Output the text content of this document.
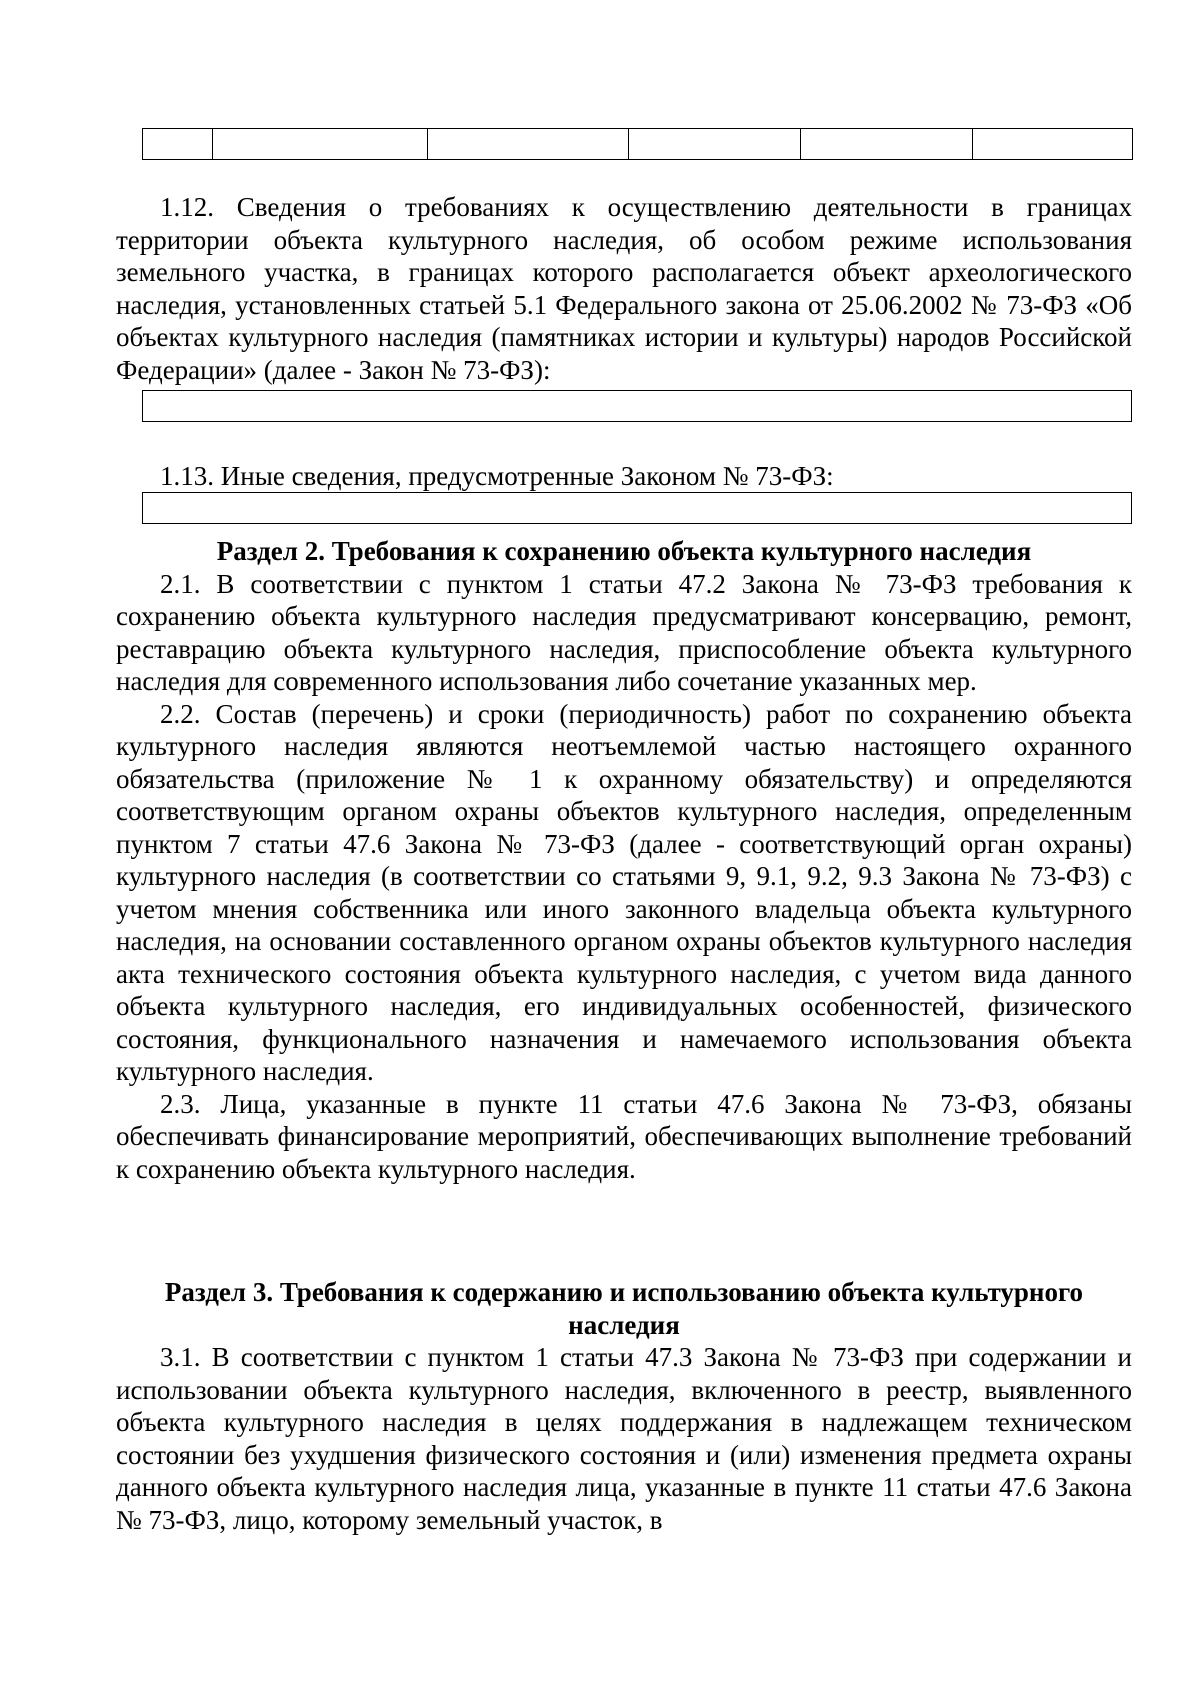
1.12. Сведения о требованиях к осуществлению деятельности в границах территории объекта культурного наследия, об особом режиме использования земельного участка, в границах которого располагается объект археологического наследия, установленных статьей 5.1 Федерального закона от 25.06.2002 № 73-ФЗ «Об объектах культурного наследия (памятниках истории и культуры) народов Российской Федерации» (далее - Закон № 73-ФЗ):

1.13. Иные сведения, предусмотренные Законом № 73-ФЗ:

Раздел 2. Требования к сохранению объекта культурного наследия

2.1. В соответствии с пунктом 1 статьи 47.2 Закона № 73-ФЗ требования к сохранению объекта культурного наследия предусматривают консервацию, ремонт, реставрацию объекта культурного наследия, приспособление объекта культурного наследия для современного использования либо сочетание указанных мер.

2.2. Состав (перечень) и сроки (периодичность) работ по сохранению объекта культурного наследия являются неотъемлемой частью настоящего охранного обязательства (приложение № 1 к охранному обязательству) и определяются соответствующим органом охраны объектов культурного наследия, определенным пунктом 7 статьи 47.6 Закона № 73-ФЗ (далее - соответствующий орган охраны) культурного наследия (в соответствии со статьями 9, 9.1, 9.2, 9.3 Закона № 73-ФЗ) с учетом мнения собственника или иного законного владельца объекта культурного наследия, на основании составленного органом охраны объектов культурного наследия акта технического состояния объекта культурного наследия, с учетом вида данного объекта культурного наследия, его индивидуальных особенностей, физического состояния, функционального назначения и намечаемого использования объекта культурного наследия.

2.3. Лица, указанные в пункте 11 статьи 47.6 Закона № 73-ФЗ, обязаны обеспечивать финансирование мероприятий, обеспечивающих выполнение требований к сохранению объекта культурного наследия.

Раздел 3. Требования к содержанию и использованию объекта культурного наследия

3.1. В соответствии с пунктом 1 статьи 47.3 Закона № 73-ФЗ при содержании и использовании объекта культурного наследия, включенного в реестр, выявленного объекта культурного наследия в целях поддержания в надлежащем техническом состоянии без ухудшения физического состояния и (или) изменения предмета охраны данного объекта культурного наследия лица, указанные в пункте 11 статьи 47.6 Закона № 73-ФЗ, лицо, которому земельный участок, в
